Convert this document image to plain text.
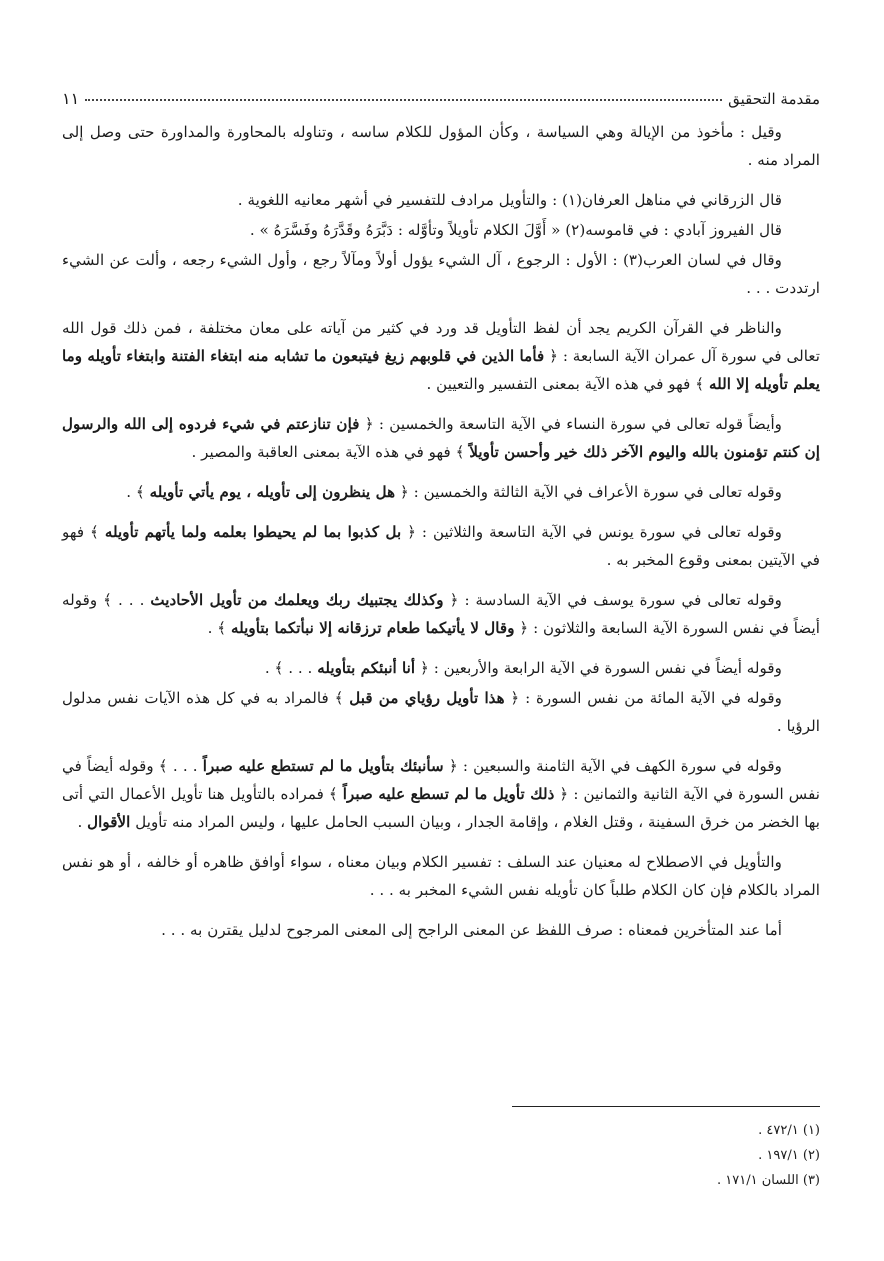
مقدمة التحقيق
١١

وقيل : مأخوذ من الإيالة وهي السياسة ، وكأن المؤول للكلام ساسه ، وتناوله بالمحاورة والمداورة حتى وصل إلى المراد منه .

قال الزرقاني في مناهل العرفان(١) : والتأويل مرادف للتفسير في أشهر معانيه اللغوية .

قال الفيروز آبادي : في قاموسه(٢) « أَوَّلَ الكلام تأويلاً وتأوَّله : دَبَّرَهُ وقَدَّرَهُ وفَسَّرَهُ » .

وقال في لسان العرب(٣) : الأول : الرجوع ، آل الشيء يؤول أولاً ومآلاً رجع ، وأول الشيء رجعه ، وألت عن الشيء ارتددت . . .

والناظر في القرآن الكريم يجد أن لفظ التأويل قد ورد في كثير من آياته على معان مختلفة ، فمن ذلك قول الله تعالى في سورة آل عمران الآية السابعة : ﴿ فأما الذين في قلوبهم زيغ فيتبعون ما تشابه منه ابتغاء الفتنة وابتغاء تأويله وما يعلم تأويله إلا الله ﴾ فهو في هذه الآية بمعنى التفسير والتعيين .

وأيضاً قوله تعالى في سورة النساء في الآية التاسعة والخمسين : ﴿ فإن تنازعتم في شيء فردوه إلى الله والرسول إن كنتم تؤمنون بالله واليوم الآخر ذلك خير وأحسن تأويلاً ﴾ فهو في هذه الآية بمعنى العاقبة والمصير .

وقوله تعالى في سورة الأعراف في الآية الثالثة والخمسين : ﴿ هل ينظرون إلى تأويله ، يوم يأتي تأويله ﴾ .

وقوله تعالى في سورة يونس في الآية التاسعة والثلاثين : ﴿ بل كذبوا بما لم يحيطوا بعلمه ولما يأتهم تأويله ﴾ فهو في الآيتين بمعنى وقوع المخبر به .

وقوله تعالى في سورة يوسف في الآية السادسة : ﴿ وكذلك يجتبيك ربك ويعلمك من تأويل الأحاديث . . . ﴾ وقوله أيضاً في نفس السورة الآية السابعة والثلاثون : ﴿ وقال لا يأتيكما طعام ترزقانه إلا نبأتكما بتأويله ﴾ .

وقوله أيضاً في نفس السورة في الآية الرابعة والأربعين : ﴿ أنا أنبئكم بتأويله . . . ﴾ .

وقوله في الآية المائة من نفس السورة : ﴿ هذا تأويل رؤياي من قبل ﴾ فالمراد به في كل هذه الآيات نفس مدلول الرؤيا .

وقوله في سورة الكهف في الآية الثامنة والسبعين : ﴿ سأنبئك بتأويل ما لم تستطع عليه صبراً . . . ﴾ وقوله أيضاً في نفس السورة في الآية الثانية والثمانين : ﴿ ذلك تأويل ما لم تسطع عليه صبراً ﴾ فمراده بالتأويل هنا تأويل الأعمال التي أتى بها الخضر من خرق السفينة ، وقتل الغلام ، وإقامة الجدار ، وبيان السبب الحامل عليها ، وليس المراد منه تأويل الأقوال .

والتأويل في الاصطلاح له معنيان عند السلف : تفسير الكلام وبيان معناه ، سواء أوافق ظاهره أو خالفه ، أو هو نفس المراد بالكلام فإن كان الكلام طلباً كان تأويله نفس الشيء المخبر به . . .

أما عند المتأخرين فمعناه : صرف اللفظ عن المعنى الراجح إلى المعنى المرجوح لدليل يقترن به . . .

(١) ٤٧٢/١ .
(٢) ١٩٧/١ .
(٣) اللسان ١٧١/١ .
